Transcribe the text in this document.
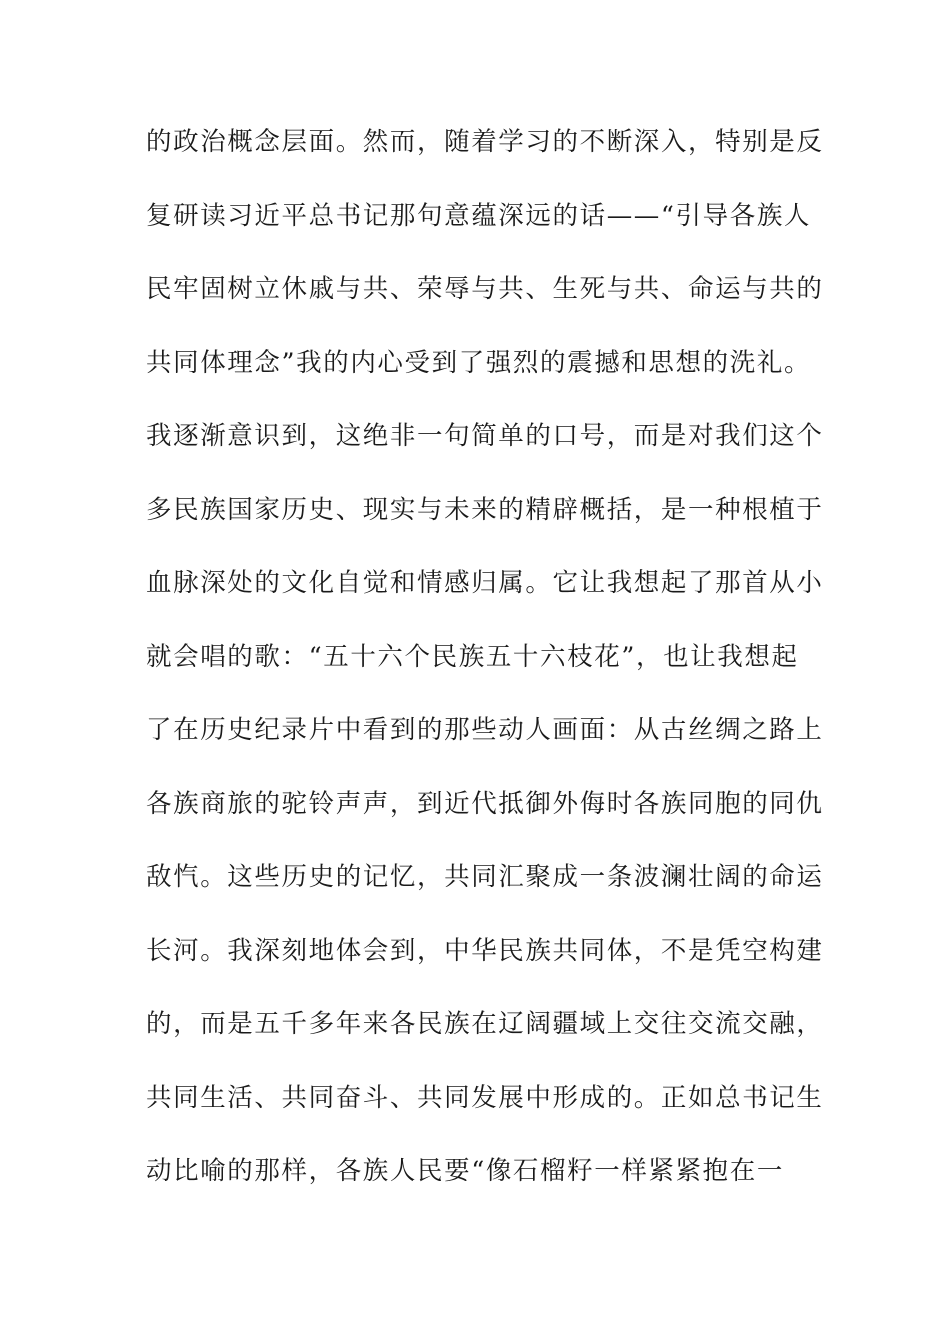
的政治概念层面。然而，随着学习的不断深入，特别是反
复研读习近平总书记那句意蕴深远的话——“引导各族人
民牢固树立休戚与共、荣辱与共、生死与共、命运与共的
共同体理念”我的内心受到了强烈的震撼和思想的洗礼。
我逐渐意识到，这绝非一句简单的口号，而是对我们这个
多民族国家历史、现实与未来的精辟概括，是一种根植于
血脉深处的文化自觉和情感归属。它让我想起了那首从小
就会唱的歌：“五十六个民族五十六枝花”，也让我想起
了在历史纪录片中看到的那些动人画面：从古丝绸之路上
各族商旅的驼铃声声，到近代抵御外侮时各族同胞的同仇
敌忾。这些历史的记忆，共同汇聚成一条波澜壮阔的命运
长河。我深刻地体会到，中华民族共同体，不是凭空构建
的，而是五千多年来各民族在辽阔疆域上交往交流交融，
共同生活、共同奋斗、共同发展中形成的。正如总书记生
动比喻的那样，各族人民要“像石榴籽一样紧紧抱在一
